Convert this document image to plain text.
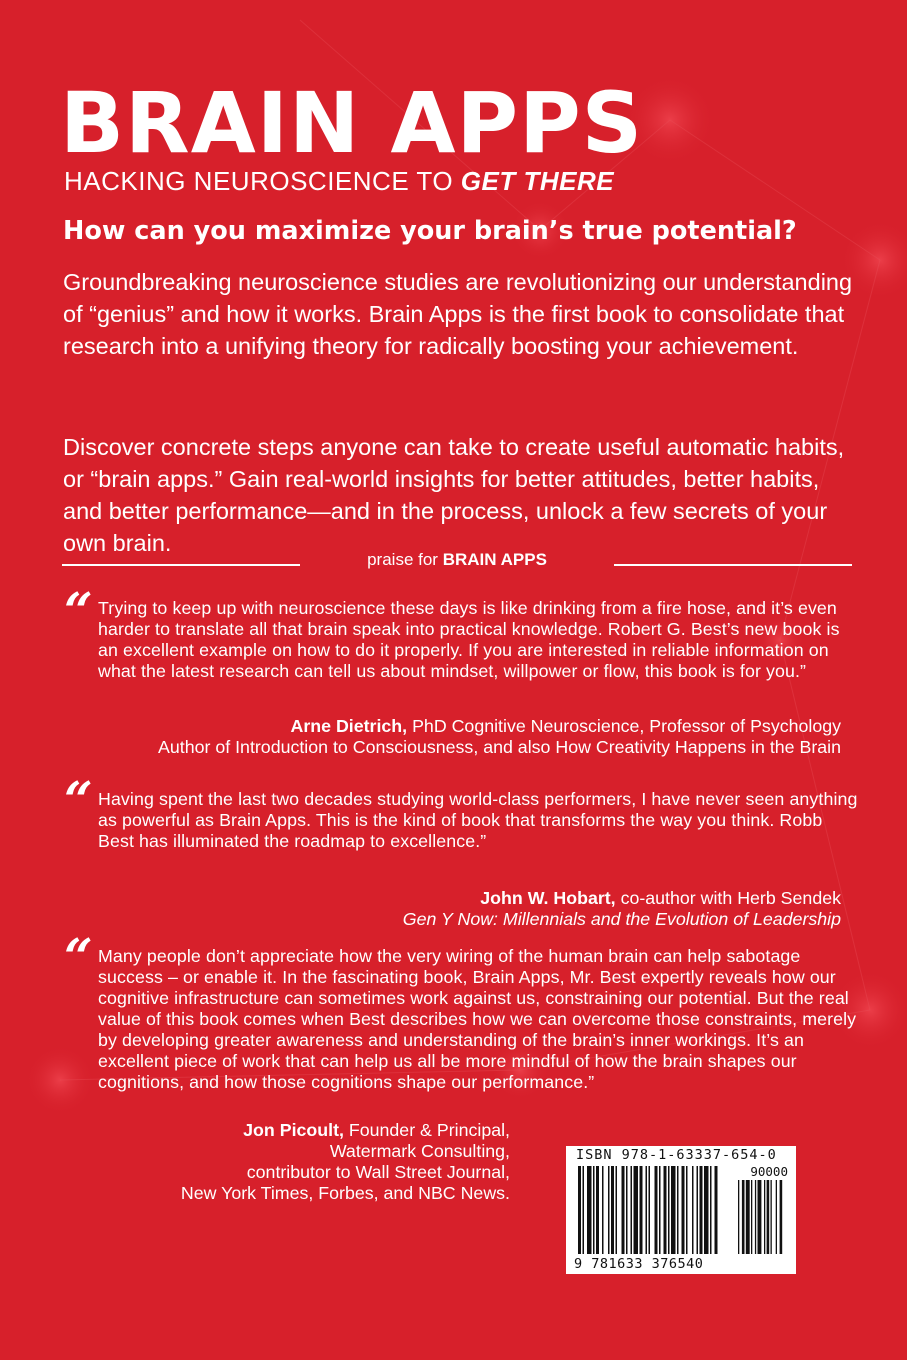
BRAIN APPS

HACKING NEUROSCIENCE TO GET THERE

How can you maximize your brain’s true potential?

Groundbreaking neuroscience studies are revolutionizing our understanding of “genius” and how it works. Brain Apps is the first book to consolidate that research into a unifying theory for radically boosting your achievement.

Discover concrete steps anyone can take to create useful automatic habits, or “brain apps.” Gain real-world insights for better attitudes, better habits, and better performance—and in the process, unlock a few secrets of your own brain.

praise for BRAIN APPS
“ Trying to keep up with neuroscience these days is like drinking from a fire hose, and it’s even harder to translate all that brain speak into practical knowledge. Robert G. Best’s new book is an excellent example on how to do it properly. If you are interested in reliable information on what the latest research can tell us about mindset, willpower or flow, this book is for you.”

Arne Dietrich, PhD Cognitive Neuroscience, Professor of Psychology
Author of Introduction to Consciousness, and also How Creativity Happens in the Brain

“ Having spent the last two decades studying world-class performers, I have never seen anything as powerful as Brain Apps. This is the kind of book that transforms the way you think. Robb Best has illuminated the roadmap to excellence.”

John W. Hobart, co-author with Herb Sendek
Gen Y Now: Millennials and the Evolution of Leadership

“ Many people don’t appreciate how the very wiring of the human brain can help sabotage success – or enable it. In the fascinating book, Brain Apps, Mr. Best expertly reveals how our cognitive infrastructure can sometimes work against us, constraining our potential. But the real value of this book comes when Best describes how we can overcome those constraints, merely by developing greater awareness and understanding of the brain’s inner workings. It’s an excellent piece of work that can help us all be more mindful of how the brain shapes our cognitions, and how those cognitions shape our performance.”

Jon Picoult, Founder & Principal,
Watermark Consulting,
contributor to Wall Street Journal,
New York Times, Forbes, and NBC News.

ISBN 978-1-63337-654-0
90000
9 781633 376540
